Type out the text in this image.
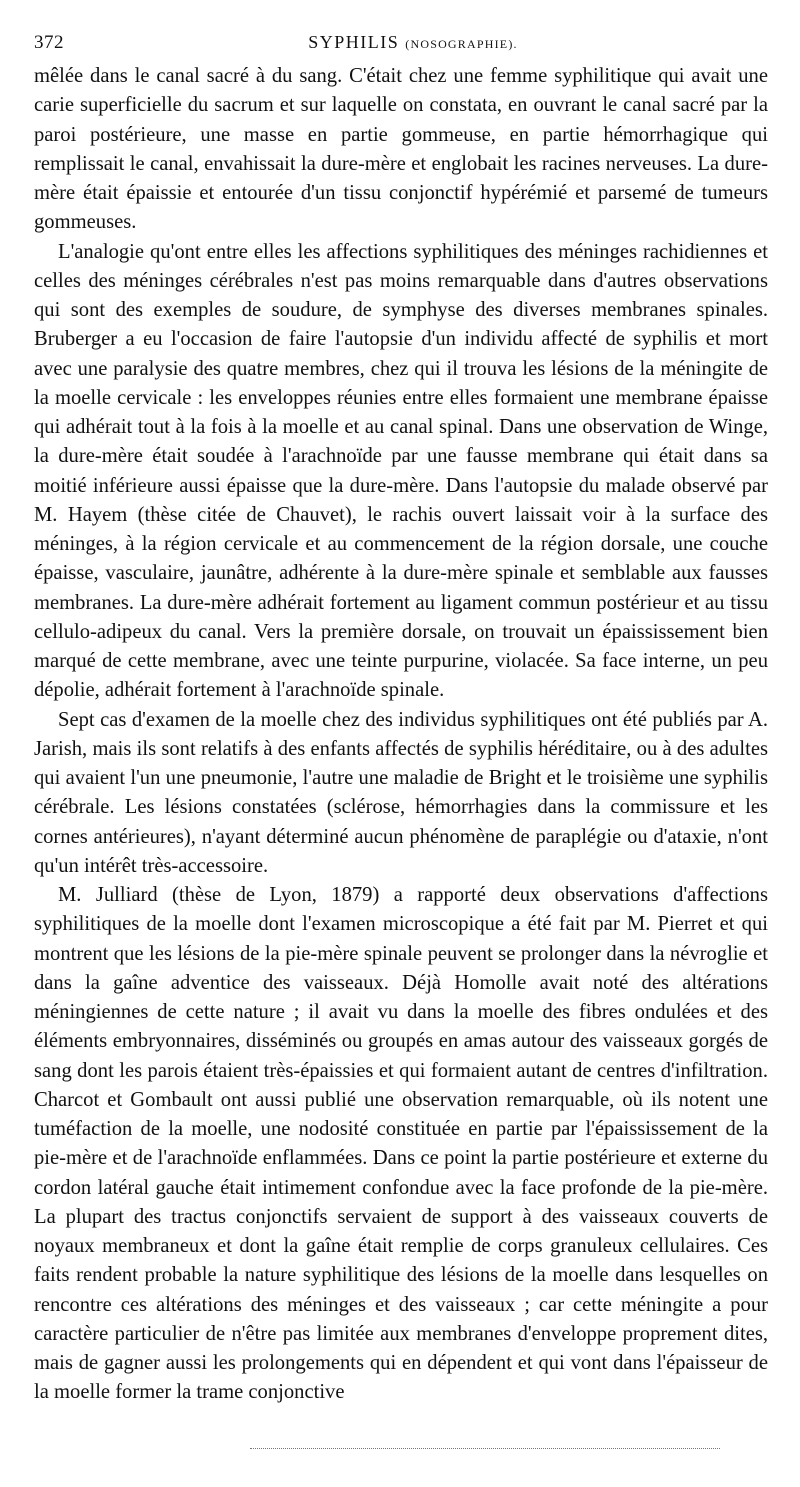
372	SYPHILIS (NOSOGRAPHIE).

mêlée dans le canal sacré à du sang. C'était chez une femme syphilitique qui avait une carie superficielle du sacrum et sur laquelle on constata, en ouvrant le canal sacré par la paroi postérieure, une masse en partie gommeuse, en partie hémorrhagique qui remplissait le canal, envahissait la dure-mère et englobait les racines nerveuses. La dure-mère était épaissie et entourée d'un tissu conjonctif hypérémié et parsemé de tumeurs gommeuses.

L'analogie qu'ont entre elles les affections syphilitiques des méninges rachidiennes et celles des méninges cérébrales n'est pas moins remarquable dans d'autres observations qui sont des exemples de soudure, de symphyse des diverses membranes spinales. Bruberger a eu l'occasion de faire l'autopsie d'un individu affecté de syphilis et mort avec une paralysie des quatre membres, chez qui il trouva les lésions de la méningite de la moelle cervicale : les enveloppes réunies entre elles formaient une membrane épaisse qui adhérait tout à la fois à la moelle et au canal spinal. Dans une observation de Winge, la dure-mère était soudée à l'arachnoïde par une fausse membrane qui était dans sa moitié inférieure aussi épaisse que la dure-mère. Dans l'autopsie du malade observé par M. Hayem (thèse citée de Chauvet), le rachis ouvert laissait voir à la surface des méninges, à la région cervicale et au commencement de la région dorsale, une couche épaisse, vasculaire, jaunâtre, adhérente à la dure-mère spinale et semblable aux fausses membranes. La dure-mère adhérait fortement au ligament commun postérieur et au tissu cellulo-adipeux du canal. Vers la première dorsale, on trouvait un épaississement bien marqué de cette membrane, avec une teinte purpurine, violacée. Sa face interne, un peu dépolie, adhérait fortement à l'arachnoïde spinale.

Sept cas d'examen de la moelle chez des individus syphilitiques ont été publiés par A. Jarish, mais ils sont relatifs à des enfants affectés de syphilis héréditaire, ou à des adultes qui avaient l'un une pneumonie, l'autre une maladie de Bright et le troisième une syphilis cérébrale. Les lésions constatées (sclérose, hémorrhagies dans la commissure et les cornes antérieures), n'ayant déterminé aucun phénomène de paraplégie ou d'ataxie, n'ont qu'un intérêt très-accessoire.

M. Julliard (thèse de Lyon, 1879) a rapporté deux observations d'affections syphilitiques de la moelle dont l'examen microscopique a été fait par M. Pierret et qui montrent que les lésions de la pie-mère spinale peuvent se prolonger dans la névroglie et dans la gaîne adventice des vaisseaux. Déjà Homolle avait noté des altérations méningiennes de cette nature ; il avait vu dans la moelle des fibres ondulées et des éléments embryonnaires, disséminés ou groupés en amas autour des vaisseaux gorgés de sang dont les parois étaient très-épaissies et qui formaient autant de centres d'infiltration. Charcot et Gombault ont aussi publié une observation remarquable, où ils notent une tuméfaction de la moelle, une nodosité constituée en partie par l'épaississement de la pie-mère et de l'arachnoïde enflammées. Dans ce point la partie postérieure et externe du cordon latéral gauche était intimement confondue avec la face profonde de la pie-mère. La plupart des tractus conjonctifs servaient de support à des vaisseaux couverts de noyaux membraneux et dont la gaîne était remplie de corps granuleux cellulaires. Ces faits rendent probable la nature syphilitique des lésions de la moelle dans lesquelles on rencontre ces altérations des méninges et des vaisseaux ; car cette méningite a pour caractère particulier de n'être pas limitée aux membranes d'enveloppe proprement dites, mais de gagner aussi les prolongements qui en dépendent et qui vont dans l'épaisseur de la moelle former la trame conjonctive
